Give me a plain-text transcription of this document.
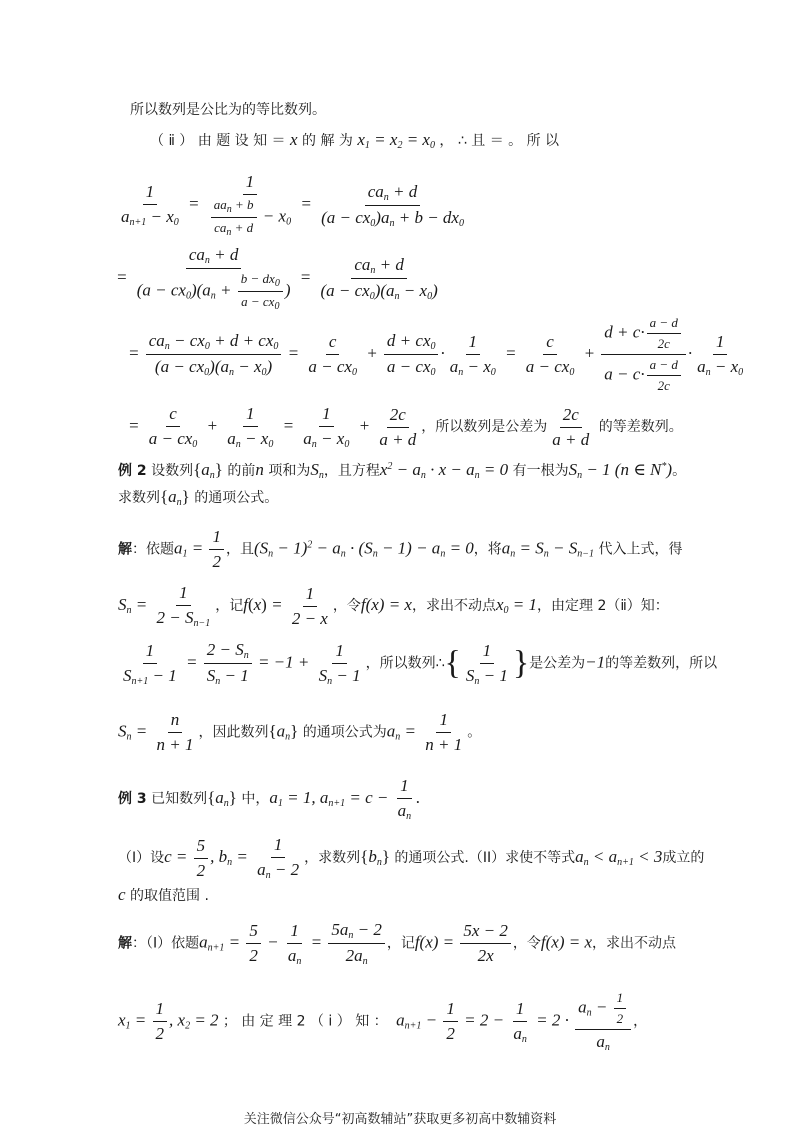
所以数列是公比为的等比数列。
（ ⅱ ） 由 题 设 知 ＝ x 的 解 为 $x_1 = x_2 = x_0$ ， ∴ 且 ＝ 。 所 以
$\frac{1}{a_{n+1} - x_0} = \frac{1}{\frac{aa_n + b}{ca_n + d} - x_0} = \frac{ca_n + d}{(a - cx_0)a_n + b - dx_0}$
= $\frac{ca_n + d}{(a - cx_0)(a_n + \frac{b - dx_0}{a - cx_0} )} = \frac{ca_n + d}{(a - cx_0)(a_n - x_0)}$
= $\frac{ca_n - cx_0 + d + cx_0}{(a - cx_0)(a_n - x_0)} = \frac{c}{a - cx_0} + \frac{d + cx_0}{a - cx_0} \cdot \frac{1}{a_n - x_0} = \frac{c}{a - cx_0} + \frac{d + c\cdot \frac{a - d}{2c}}{a - c\cdot \frac{a - d}{2c}} \cdot \frac{1}{a_n - x_0}$
= $\frac{c}{a - cx_0} + \frac{1}{a_n - x_0} = \frac{1}{a_n - x_0} + \frac{2c}{a + d}$ ，所以数列是公差为 $\frac{2c}{a + d}$ 的等差数列。
例 2 设数列$\{a_n\}$ 的前n 项和为$S_n$，且方程$x^2 - a_n \cdot x - a_n = 0$ 有一根为$S_n - 1$ (n ∈ N*)。
求数列$\{a_n\}$ 的通项公式。
解：依题$a_1 = \frac{1}{2}$ ，且$(S_n - 1)^2 - a_n \cdot (S_n - 1) - a_n = 0$，将$a_n = S_n - S_{n-1}$ 代入上式，得
$S_n = \frac{1}{2 - S_{n-1}}$ ，记$f(x) = \frac{1}{2 - x}$ ，令f(x) = x，求出不动点$x_0 = 1$，由定理 2（ⅱ）知：
$\frac{1}{S_{n+1} - 1} = \frac{2 - S_n}{S_n - 1} = -1 + \frac{1}{S_n - 1}$ ，所以数列∴{ $\frac{1}{S_n - 1}$ }是公差为−1的等差数列，所以
$S_n = \frac{n}{n + 1}$ ，因此数列$\{a_n\}$ 的通项公式为$a_n = \frac{1}{n + 1}$ 。
例 3 已知数列$\{a_n\}$ 中，$a_1 = 1$, $a_{n+1} = c - \frac{1}{a_n}$ .
（I）设$c = \frac{5}{2}$ , $b_n = \frac{1}{a_n - 2}$ ，求数列$\{b_n\}$ 的通项公式.（II）求使不等式$a_n < a_{n+1} < 3$成立的
c 的取值范围 .
解：（I）依题$a_{n+1} = \frac{5}{2} - \frac{1}{a_n} = \frac{5a_n - 2}{2a_n}$ ，记$f(x) = \frac{5x - 2}{2x}$ ，令f(x) = x，求出不动点
$x_1 = \frac{1}{2}$ , $x_2 = 2$ ； 由 定 理 2 （ ⅰ ） 知 ：  $a_{n+1} - \frac{1}{2} = 2 - \frac{1}{a_n} = 2 \cdot \frac{a_n - \frac{1}{2}}{a_n}$ ，
关注微信公众号“初高数辅站”获取更多初高中数辅资料
